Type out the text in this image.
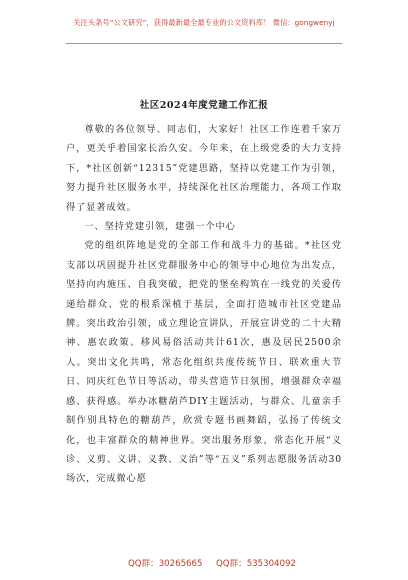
关注头条号“公文研究”，获得最新最全最专业的公文资料库！ 微信：gongwenyj
社区2024年度党建工作汇报

尊敬的各位领导、同志们，大家好！社区工作连着千家万户，更关乎着国家长治久安。今年来，在上级党委的大力支持下，*社区创新“12315”党建思路，坚持以党建工作为引领，努力提升社区服务水平，持续深化社区治理能力，各项工作取得了显著成效。

一、坚持党建引领，建强一个中心

党的组织阵地是党的全部工作和战斗力的基础。*社区党支部以巩固提升社区党群服务中心的领导中心地位为出发点，坚持向内施压、自我突破，把党的堡垒构筑在一线党的关爱传递给群众、党的根系深植于基层，全面打造城市社区党建品牌。突出政治引领，成立理论宣讲队，开展宣讲党的二十大精神、惠农政策、移风易俗活动共计61次，惠及居民2500余人。突出文化共鸣，常态化组织共度传统节日、联欢重大节日、同庆红色节日等活动，带头营造节日氛围，增强群众幸福感、获得感。举办冰糖葫芦DIY主题活动，与群众、儿童亲手制作别具特色的糖葫芦，欣赏专题书画舞蹈，弘扬了传统文化，也丰富群众的精神世界。突出服务形象，常态化开展“义诊、义剪、义讲、义教、义治”等“五义”系列志愿服务活动30场次，完成微心愿

QQ群：30265665 QQ群：535304092
